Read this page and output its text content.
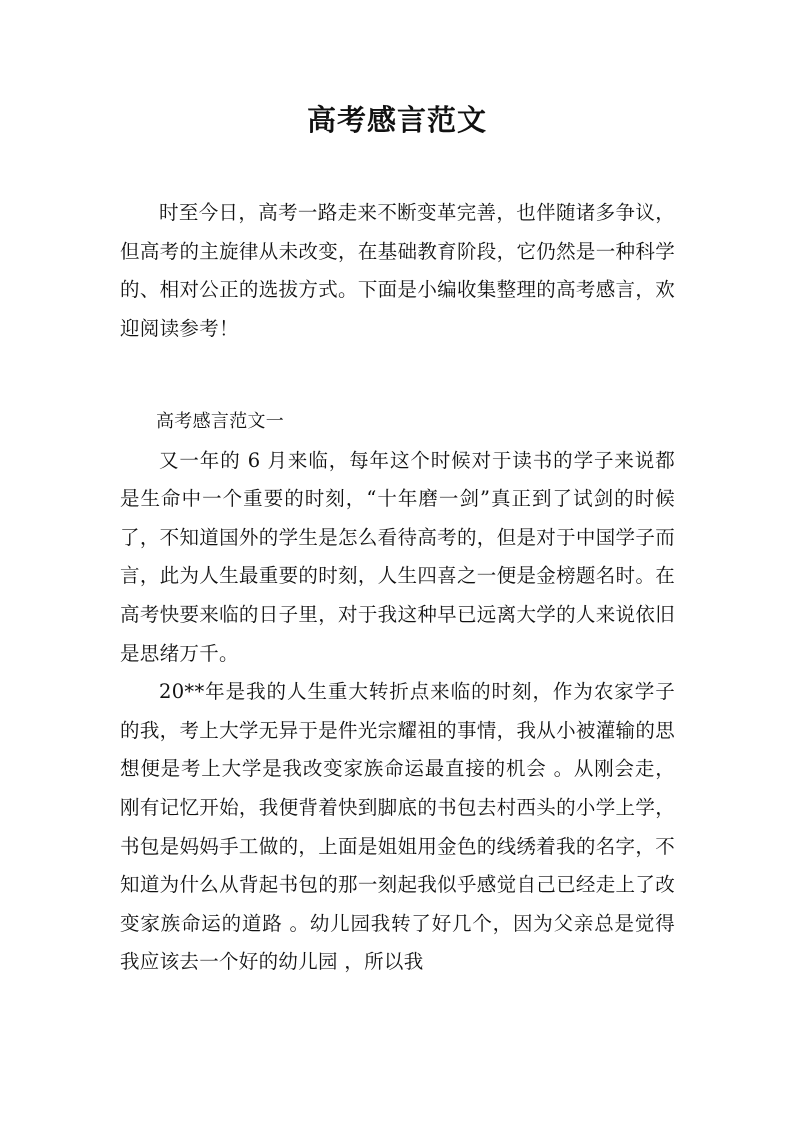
高考感言范文

时至今日，高考一路走来不断变革完善，也伴随诸多争议，但高考的主旋律从未改变，在基础教育阶段，它仍然是一种科学的、相对公正的选拔方式。下面是小编收集整理的高考感言，欢迎阅读参考！

高考感言范文一

又一年的 6 月来临，每年这个时候对于读书的学子来说都是生命中一个重要的时刻，“十年磨一剑”真正到了试剑的时候了，不知道国外的学生是怎么看待高考的，但是对于中国学子而言，此为人生最重要的时刻，人生四喜之一便是金榜题名时。在高考快要来临的日子里，对于我这种早已远离大学的人来说依旧是思绪万千。

20**年是我的人生重大转折点来临的时刻，作为农家学子的我，考上大学无异于是件光宗耀祖的事情，我从小被灌输的思想便是考上大学是我改变家族命运最直接的机会 。从刚会走，刚有记忆开始，我便背着快到脚底的书包去村西头的小学上学，书包是妈妈手工做的，上面是姐姐用金色的线绣着我的名字，不知道为什么从背起书包的那一刻起我似乎感觉自己已经走上了改变家族命运的道路 。幼儿园我转了好几个，因为父亲总是觉得我应该去一个好的幼儿园 ，所以我
